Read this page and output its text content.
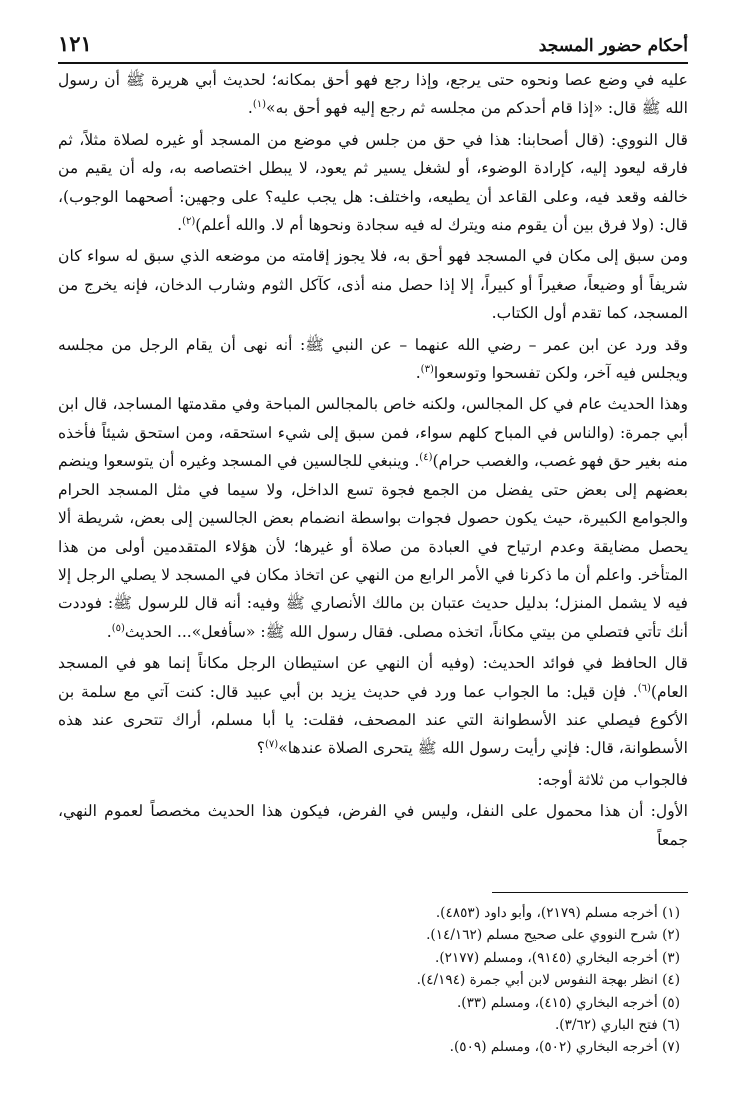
أحكام حضور المسجد
١٢١

عليه في وضع عصا ونحوه حتى يرجع، وإذا رجع فهو أحق بمكانه؛ لحديث أبي هريرة ﷺ أن رسول الله ﷺ قال: «إذا قام أحدكم من مجلسه ثم رجع إليه فهو أحق به»$^{(١)}$.

قال النووي: (قال أصحابنا: هذا في حق من جلس في موضع من المسجد أو غيره لصلاة مثلاً، ثم فارقه ليعود إليه، كإرادة الوضوء، أو لشغل يسير ثم يعود، لا يبطل اختصاصه به، وله أن يقيم من خالفه وقعد فيه، وعلى القاعد أن يطيعه، واختلف: هل يجب عليه؟ على وجهين: أصحهما الوجوب)، قال: (ولا فرق بين أن يقوم منه ويترك له فيه سجادة ونحوها أم لا. والله أعلم)$^{(٢)}$.

ومن سبق إلى مكان في المسجد فهو أحق به، فلا يجوز إقامته من موضعه الذي سبق له سواء كان شريفاً أو وضيعاً، صغيراً أو كبيراً، إلا إذا حصل منه أذى، كآكل الثوم وشارب الدخان، فإنه يخرج من المسجد، كما تقدم أول الكتاب.

وقد ورد عن ابن عمر – رضي الله عنهما – عن النبي ﷺ: أنه نهى أن يقام الرجل من مجلسه ويجلس فيه آخر، ولكن تفسحوا وتوسعوا$^{(٣)}$.

وهذا الحديث عام في كل المجالس، ولكنه خاص بالمجالس المباحة وفي مقدمتها المساجد، قال ابن أبي جمرة: (والناس في المباح كلهم سواء، فمن سبق إلى شيء استحقه، ومن استحق شيئاً فأخذه منه بغير حق فهو غصب، والغصب حرام)$^{(٤)}$. وينبغي للجالسين في المسجد وغيره أن يتوسعوا وينضم بعضهم إلى بعض حتى يفضل من الجمع فجوة تسع الداخل، ولا سيما في مثل المسجد الحرام والجوامع الكبيرة، حيث يكون حصول فجوات بواسطة انضمام بعض الجالسين إلى بعض، شريطة ألا يحصل مضايقة وعدم ارتياح في العبادة من صلاة أو غيرها؛ لأن هؤلاء المتقدمين أولى من هذا المتأخر. واعلم أن ما ذكرنا في الأمر الرابع من النهي عن اتخاذ مكان في المسجد لا يصلي الرجل إلا فيه لا يشمل المنزل؛ بدليل حديث عتبان بن مالك الأنصاري ﷺ وفيه: أنه قال للرسول ﷺ: فوددت أنك تأتي فتصلي من بيتي مكاناً، اتخذه مصلى. فقال رسول الله ﷺ: «سأفعل»... الحديث$^{(٥)}$.

قال الحافظ في فوائد الحديث: (وفيه أن النهي عن استيطان الرجل مكاناً إنما هو في المسجد العام)$^{(٦)}$. فإن قيل: ما الجواب عما ورد في حديث يزيد بن أبي عبيد قال: كنت آتي مع سلمة بن الأكوع فيصلي عند الأسطوانة التي عند المصحف، فقلت: يا أبا مسلم، أراك تتحرى عند هذه الأسطوانة، قال: فإني رأيت رسول الله ﷺ يتحرى الصلاة عندها»$^{(٧)}$؟

فالجواب من ثلاثة أوجه:

الأول: أن هذا محمول على النفل، وليس في الفرض، فيكون هذا الحديث مخصصاً لعموم النهي، جمعاً

(١) أخرجه مسلم (٢١٧٩)، وأبو داود (٤٨٥٣).
(٢) شرح النووي على صحيح مسلم (١٤/١٦٢).
(٣) أخرجه البخاري (٩١٤٥)، ومسلم (٢١٧٧).
(٤) انظر بهجة النفوس لابن أبي جمرة (٤/١٩٤).
(٥) أخرجه البخاري (٤١٥)، ومسلم (٣٣).
(٦) فتح الباري (٣/٦٢).
(٧) أخرجه البخاري (٥٠٢)، ومسلم (٥٠٩).
